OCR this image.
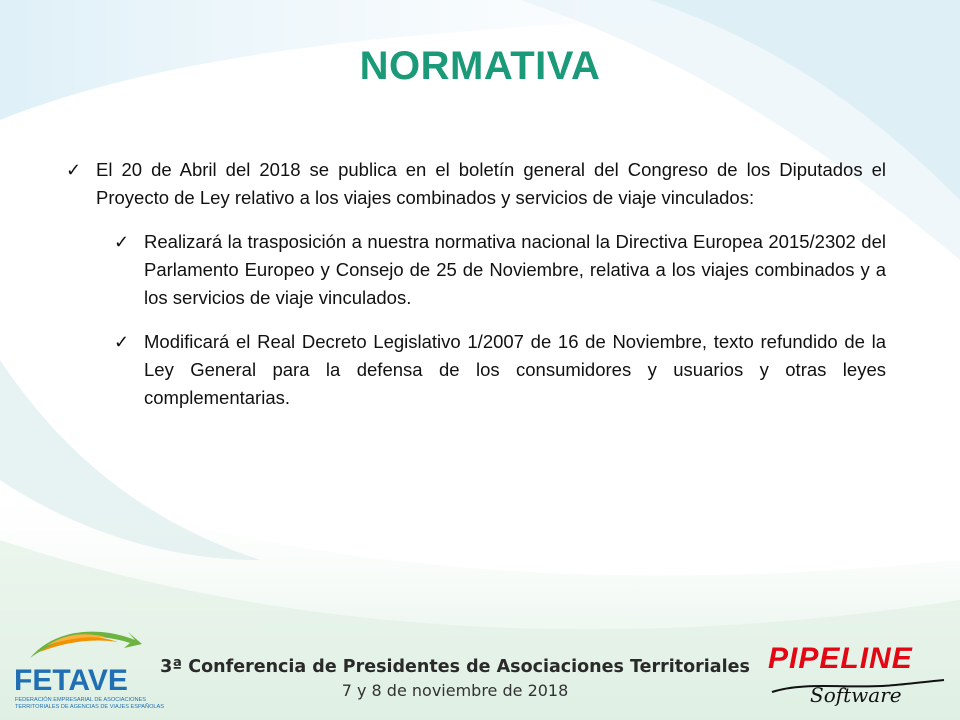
NORMATIVA
✓ El 20 de Abril del 2018 se publica en el boletín general del Congreso de los Diputados el Proyecto de Ley relativo a los viajes combinados y servicios de viaje vinculados:
✓ Realizará la trasposición a nuestra normativa nacional la Directiva Europea 2015/2302 del Parlamento Europeo y Consejo de 25 de Noviembre, relativa a los viajes combinados y a los servicios de viaje vinculados.
✓ Modificará el Real Decreto Legislativo 1/2007 de 16 de Noviembre, texto refundido de la Ley General para la defensa de los consumidores y usuarios y otras leyes complementarias.
FETAVE
FEDERACIÓN EMPRESARIAL DE ASOCIACIONES
TERRITORIALES DE AGENCIAS DE VIAJES ESPAÑOLAS
3ª Conferencia de Presidentes de Asociaciones Territoriales
7 y 8 de noviembre de 2018
PIPELINE
Software
